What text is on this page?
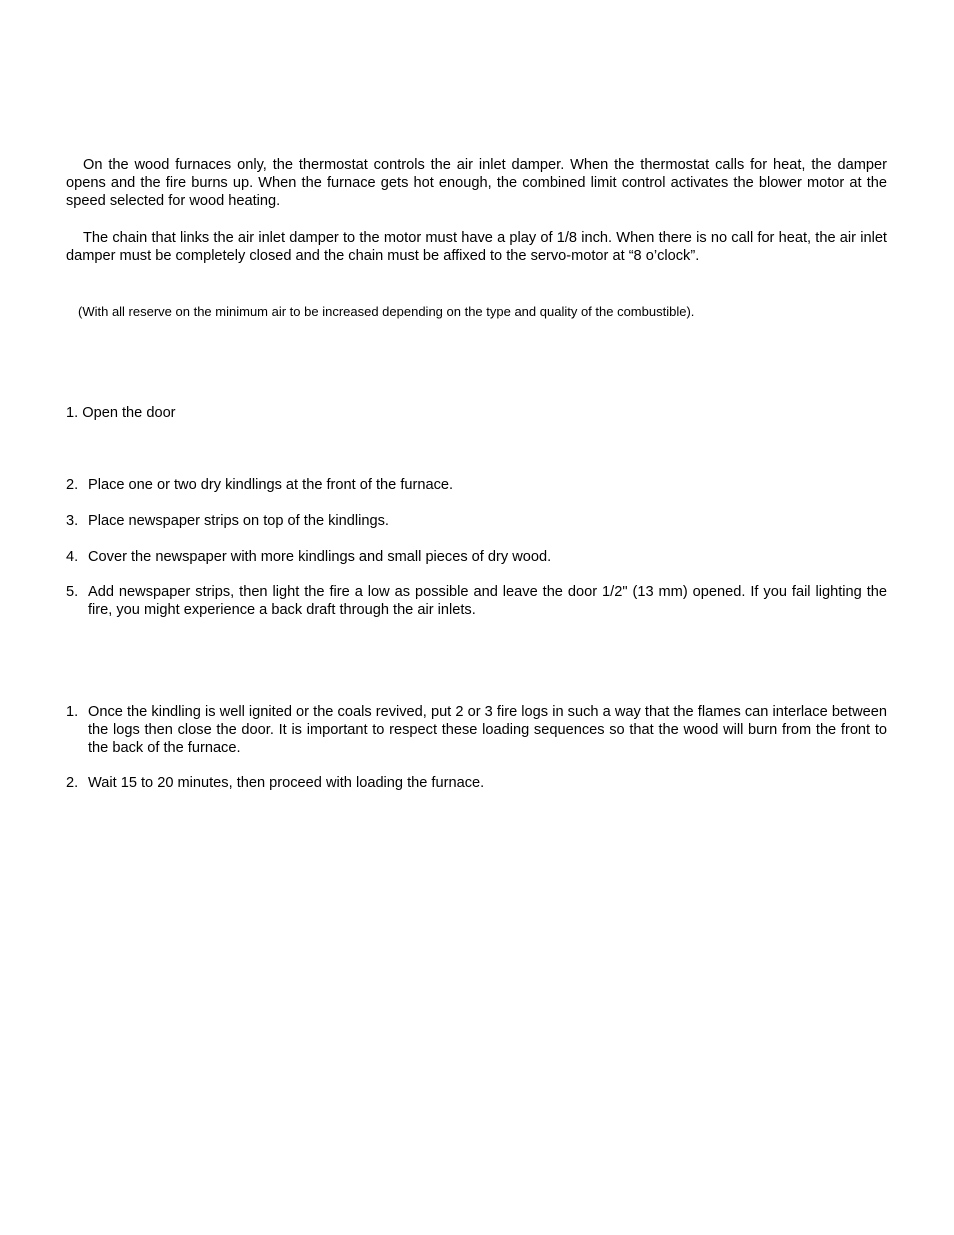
On the wood furnaces only, the thermostat controls the air inlet damper. When the thermostat calls for heat, the damper opens and the fire burns up. When the furnace gets hot enough, the combined limit control activates the blower motor at the speed selected for wood heating.

The chain that links the air inlet damper to the motor must have a play of 1/8 inch. When there is no call for heat, the air inlet damper must be completely closed and the chain must be affixed to the servo-motor at “8 o’clock”.

(With all reserve on the minimum air to be increased depending on the type and quality of the combustible).

1. Open the door

2. Place one or two dry kindlings at the front of the furnace.
3. Place newspaper strips on top of the kindlings.
4. Cover the newspaper with more kindlings and small pieces of dry wood.
5. Add newspaper strips, then light the fire a low as possible and leave the door 1/2" (13 mm) opened. If you fail lighting the fire, you might experience a back draft through the air inlets.
1. Once the kindling is well ignited or the coals revived, put 2 or 3 fire logs in such a way that the flames can interlace between the logs then close the door. It is important to respect these loading sequences so that the wood will burn from the front to the back of the furnace.
2. Wait 15 to 20 minutes, then proceed with loading the furnace.
